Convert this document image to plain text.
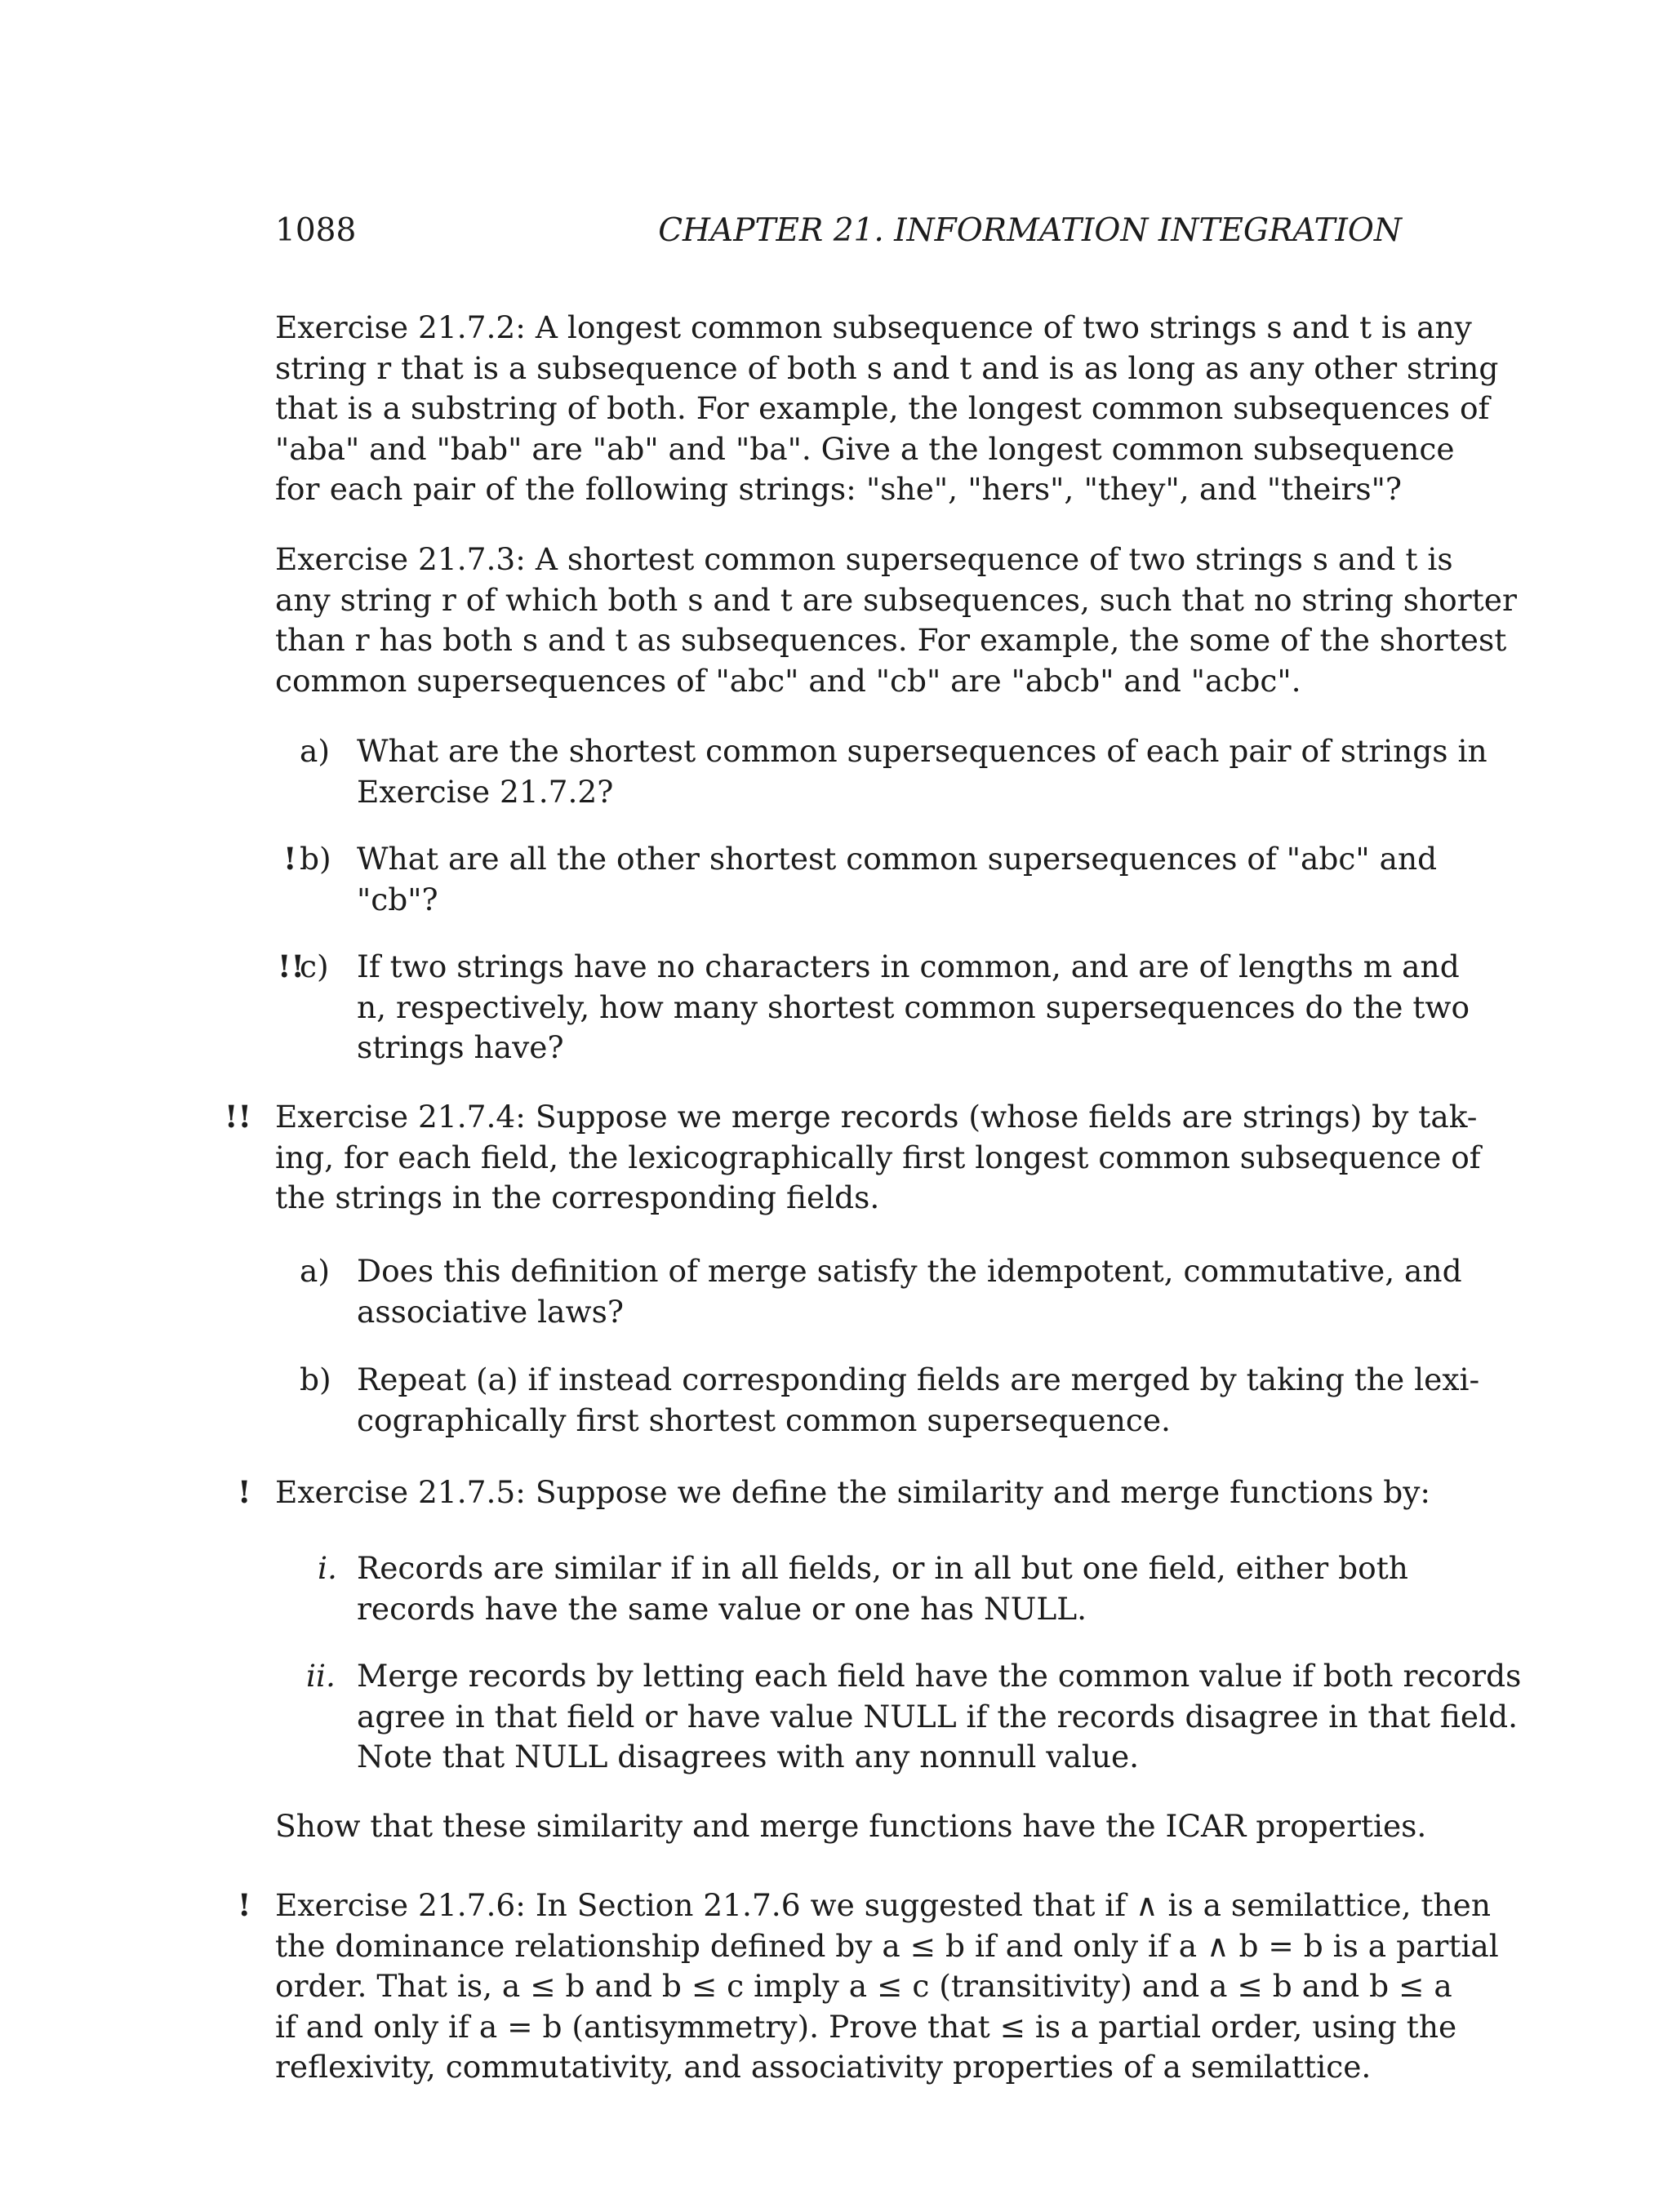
1088	CHAPTER 21. INFORMATION INTEGRATION
Exercise 21.7.2: A longest common subsequence of two strings s and t is any
string r that is a subsequence of both s and t and is as long as any other string
that is a substring of both. For example, the longest common subsequences of
"aba" and "bab" are "ab" and "ba". Give a the longest common subsequence
for each pair of the following strings: "she", "hers", "they", and "theirs"?
Exercise 21.7.3: A shortest common supersequence of two strings s and t is
any string r of which both s and t are subsequences, such that no string shorter
than r has both s and t as subsequences. For example, the some of the shortest
common supersequences of "abc" and "cb" are "abcb" and "acbc".
a) What are the shortest common supersequences of each pair of strings in
Exercise 21.7.2?
! b) What are all the other shortest common supersequences of "abc" and
"cb"?
!!
c) If two strings have no characters in common, and are of lengths m and
n, respectively, how many shortest common supersequences do the two
strings have?
!! Exercise 21.7.4: Suppose we merge records (whose fields are strings) by tak-
ing, for each field, the lexicographically first longest common subsequence of
the strings in the corresponding fields.
a) Does this definition of merge satisfy the idempotent, commutative, and
associative laws?
b) Repeat (a) if instead corresponding fields are merged by taking the lexi-
cographically first shortest common supersequence.
! Exercise 21.7.5: Suppose we define the similarity and merge functions by:
i. Records are similar if in all fields, or in all but one field, either both
records have the same value or one has NULL.
ii. Merge records by letting each field have the common value if both records
agree in that field or have value NULL if the records disagree in that field.
Note that NULL disagrees with any nonnull value.
Show that these similarity and merge functions have the ICAR properties.
! Exercise 21.7.6: In Section 21.7.6 we suggested that if ∧ is a semilattice, then
the dominance relationship defined by a ≤ b if and only if a ∧ b = b is a partial
order. That is, a ≤ b and b ≤ c imply a ≤ c (transitivity) and a ≤ b and b ≤ a
if and only if a = b (antisymmetry). Prove that ≤ is a partial order, using the
reflexivity, commutativity, and associativity properties of a semilattice.
